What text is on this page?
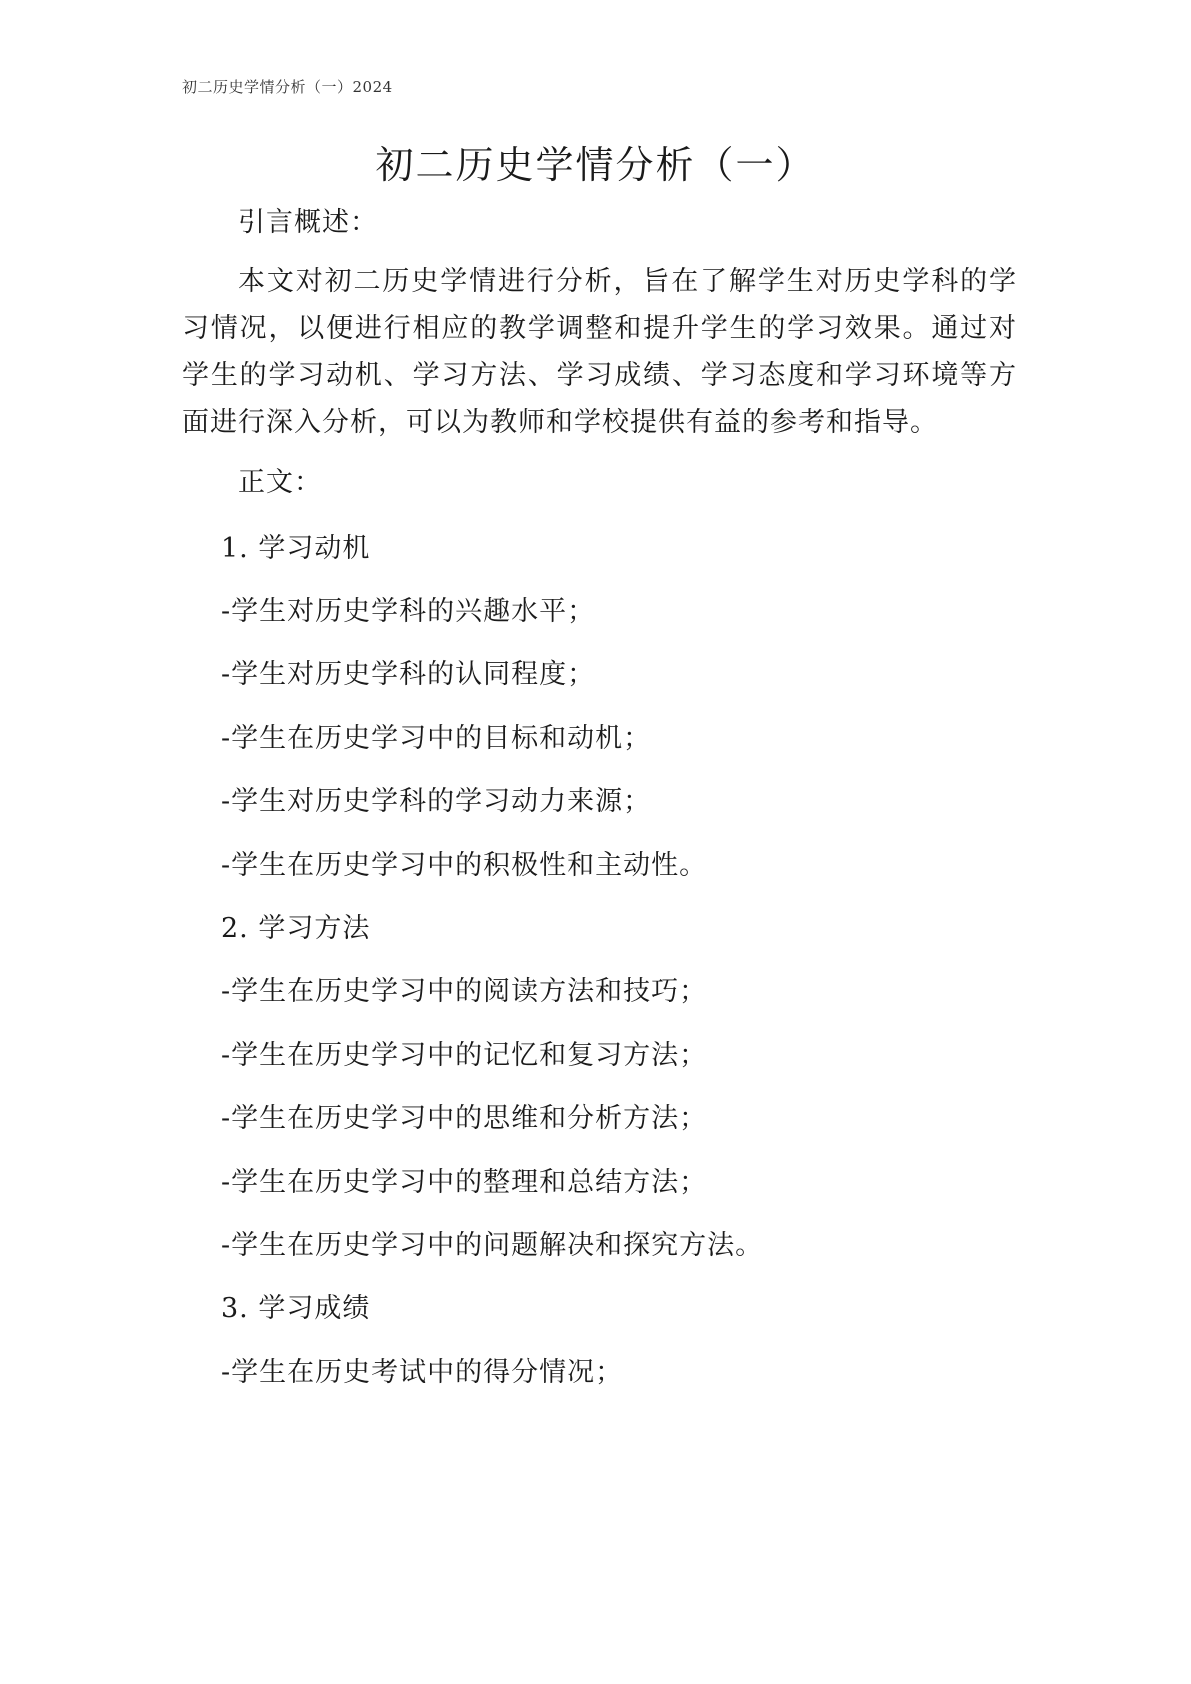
初二历史学情分析（一）2024
初二历史学情分析（一）
引言概述：
本文对初二历史学情进行分析，旨在了解学生对历史学科的学习情况，以便进行相应的教学调整和提升学生的学习效果。通过对学生的学习动机、学习方法、学习成绩、学习态度和学习环境等方面进行深入分析，可以为教师和学校提供有益的参考和指导。
正文：
1. 学习动机
-学生对历史学科的兴趣水平；
-学生对历史学科的认同程度；
-学生在历史学习中的目标和动机；
-学生对历史学科的学习动力来源；
-学生在历史学习中的积极性和主动性。
2. 学习方法
-学生在历史学习中的阅读方法和技巧；
-学生在历史学习中的记忆和复习方法；
-学生在历史学习中的思维和分析方法；
-学生在历史学习中的整理和总结方法；
-学生在历史学习中的问题解决和探究方法。
3. 学习成绩
-学生在历史考试中的得分情况；
